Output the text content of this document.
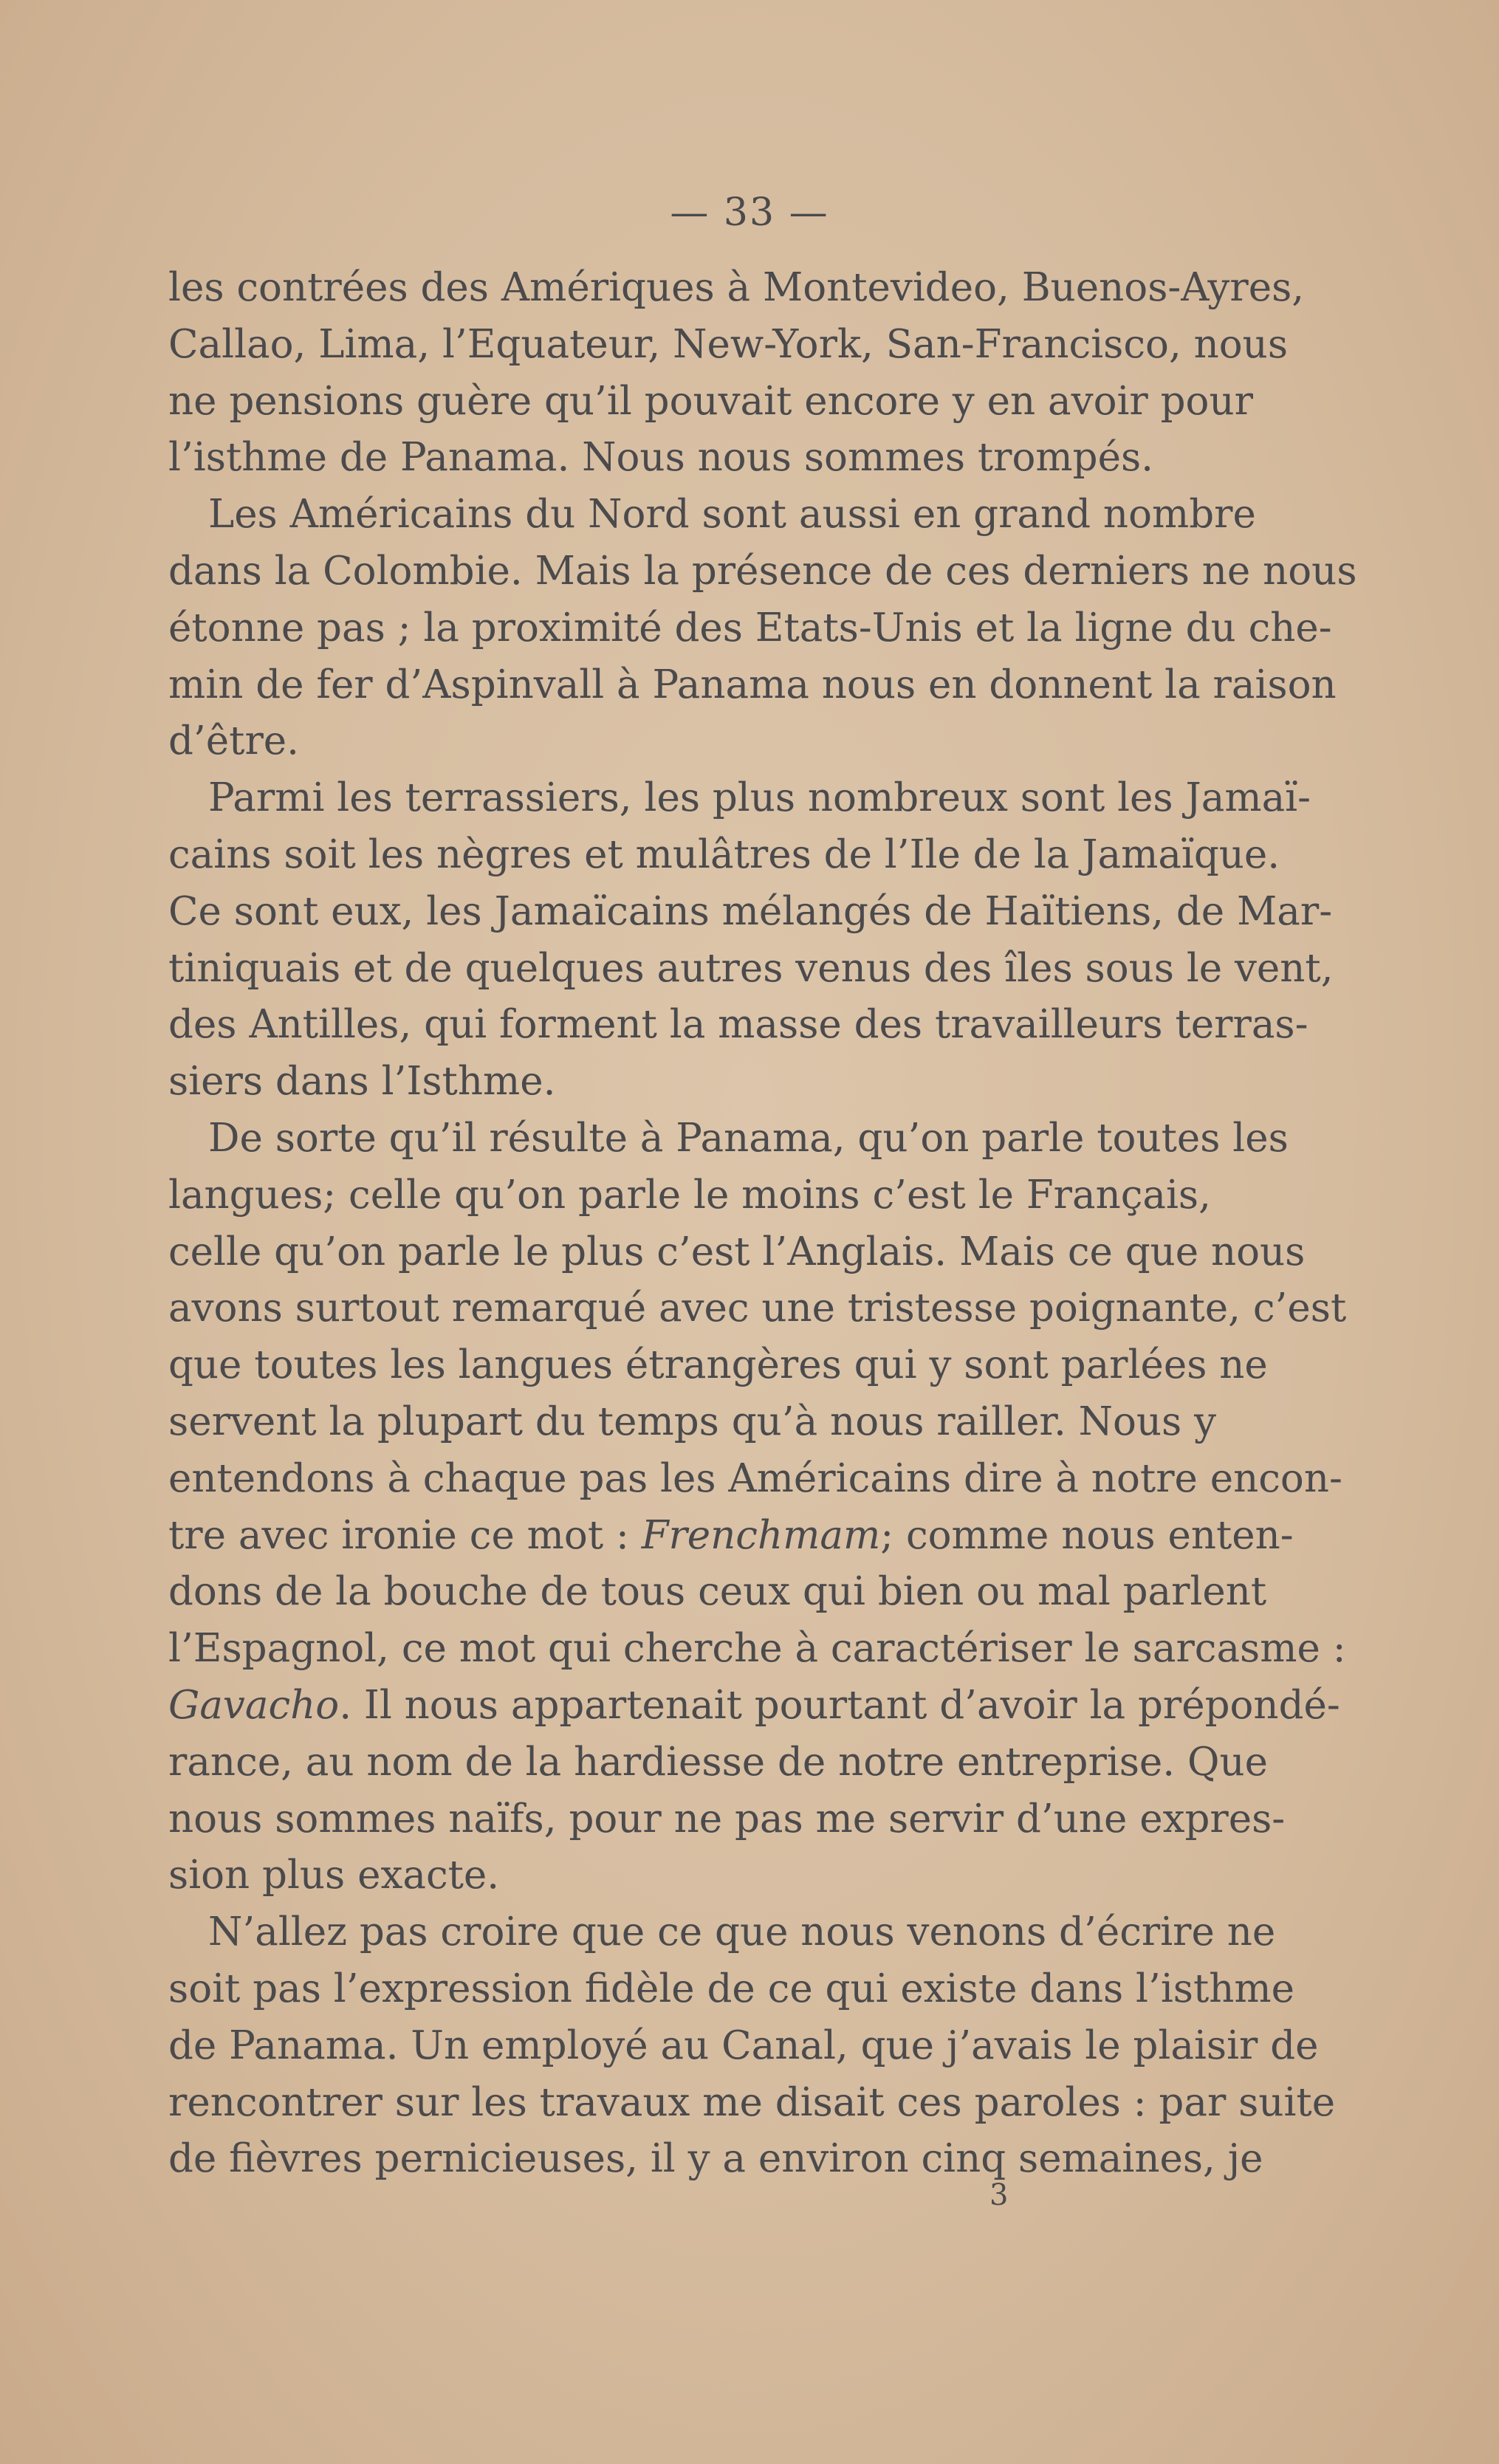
— 33 —
les contrées des Amériques à Montevideo, Buenos-Ayres,
Callao, Lima, l’Equateur, New-York, San-Francisco, nous
ne pensions guère qu’il pouvait encore y en avoir pour
l’isthme de Panama. Nous nous sommes trompés.
Les Américains du Nord sont aussi en grand nombre
dans la Colombie. Mais la présence de ces derniers ne nous
étonne pas ; la proximité des Etats-Unis et la ligne du che-
min de fer d’Aspinvall à Panama nous en donnent la raison
d’être.
Parmi les terrassiers, les plus nombreux sont les Jamaï-
cains soit les nègres et mulâtres de l’Ile de la Jamaïque.
Ce sont eux, les Jamaïcains mélangés de Haïtiens, de Mar-
tiniquais et de quelques autres venus des îles sous le vent,
des Antilles, qui forment la masse des travailleurs terras-
siers dans l’Isthme.
De sorte qu’il résulte à Panama, qu’on parle toutes les
langues; celle qu’on parle le moins c’est le Français,
celle qu’on parle le plus c’est l’Anglais. Mais ce que nous
avons surtout remarqué avec une tristesse poignante, c’est
que toutes les langues étrangères qui y sont parlées ne
servent la plupart du temps qu’à nous railler. Nous y
entendons à chaque pas les Américains dire à notre encon-
tre avec ironie ce mot : Frenchmam; comme nous enten-
dons de la bouche de tous ceux qui bien ou mal parlent
l’Espagnol, ce mot qui cherche à caractériser le sarcasme :
Gavacho. Il nous appartenait pourtant d’avoir la prépondé-
rance, au nom de la hardiesse de notre entreprise. Que
nous sommes naïfs, pour ne pas me servir d’une expres-
sion plus exacte.
N’allez pas croire que ce que nous venons d’écrire ne
soit pas l’expression fidèle de ce qui existe dans l’isthme
de Panama. Un employé au Canal, que j’avais le plaisir de
rencontrer sur les travaux me disait ces paroles : par suite
de fièvres pernicieuses, il y a environ cinq semaines, je
3
